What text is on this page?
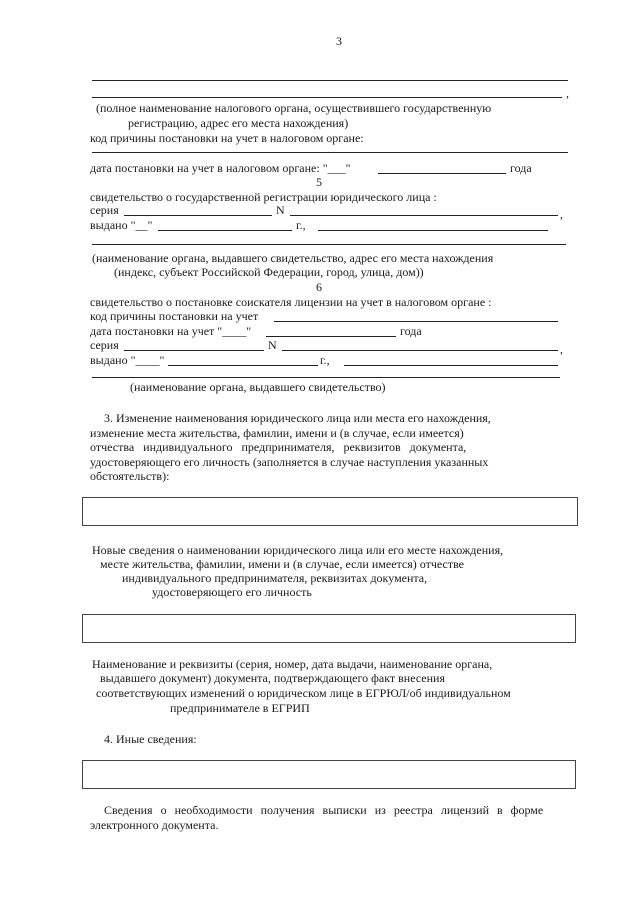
3
,
(полное наименование налогового органа, осуществившего государственную
регистрацию, адрес его места нахождения)
код причины постановки на учет в налоговом органе:
дата постановки на учет в налоговом органе: "___"	года
5
свидетельство о государственной регистрации юридического лица :
серия	N	,
выдано "__"	г.,
(наименование органа, выдавшего свидетельство, адрес его места нахождения
(индекс, субъект Российской Федерации, город, улица, дом))
6
свидетельство о постановке соискателя лицензии на учет в налоговом органе :
код причины постановки на учет
дата постановки на учет "____"	года
серия	N	,
выдано "____"	г.,
(наименование органа, выдавшего свидетельство)
3. Изменение наименования юридического лица или места его нахождения,
изменение места жительства, фамилии, имени и (в случае, если имеется)
отчества индивидуального предпринимателя, реквизитов документа,
удостоверяющего его личность (заполняется в случае наступления указанных
обстоятельств):
Новые сведения о наименовании юридического лица или его месте нахождения,
месте жительства, фамилии, имени и (в случае, если имеется) отчестве
индивидуального предпринимателя, реквизитах документа,
удостоверяющего его личность
Наименование и реквизиты (серия, номер, дата выдачи, наименование органа,
выдавшего документ) документа, подтверждающего факт внесения
соответствующих изменений о юридическом лице в ЕГРЮЛ/об индивидуальном
предпринимателе в ЕГРИП
4. Иные сведения:
Сведения о необходимости получения выписки из реестра лицензий в форме
электронного документа.
